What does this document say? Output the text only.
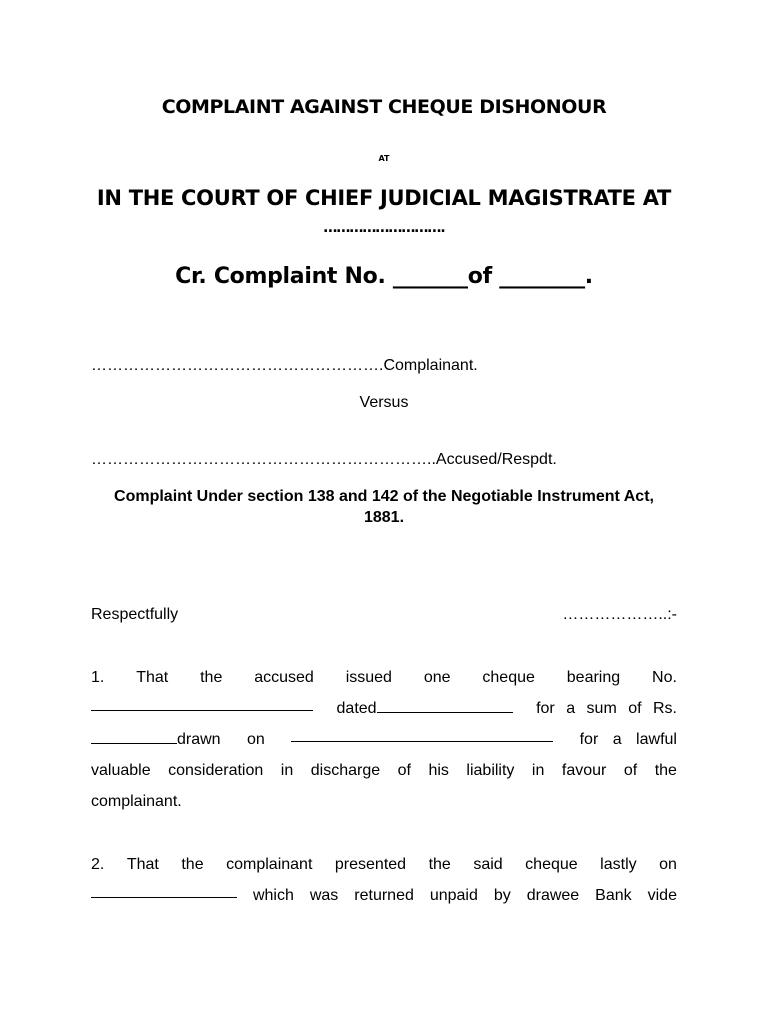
COMPLAINT AGAINST CHEQUE DISHONOUR
AT
IN THE COURT OF CHIEF JUDICIAL MAGISTRATE AT
……………………….
Cr. Complaint No. _______of ________.
……………………………………………….Complainant.
Versus
………………………………………………………..Accused/Respdt.
Complaint Under section 138 and 142 of the Negotiable Instrument Act, 1881.
Respectfully	………………..:-
1. That the accused issued one cheque bearing No.
dated	for a sum of Rs.
drawn on	for a lawful
valuable consideration in discharge of his liability in favour of the
complainant.
2. That the complainant presented the said cheque lastly on
which was returned unpaid by drawee Bank vide
